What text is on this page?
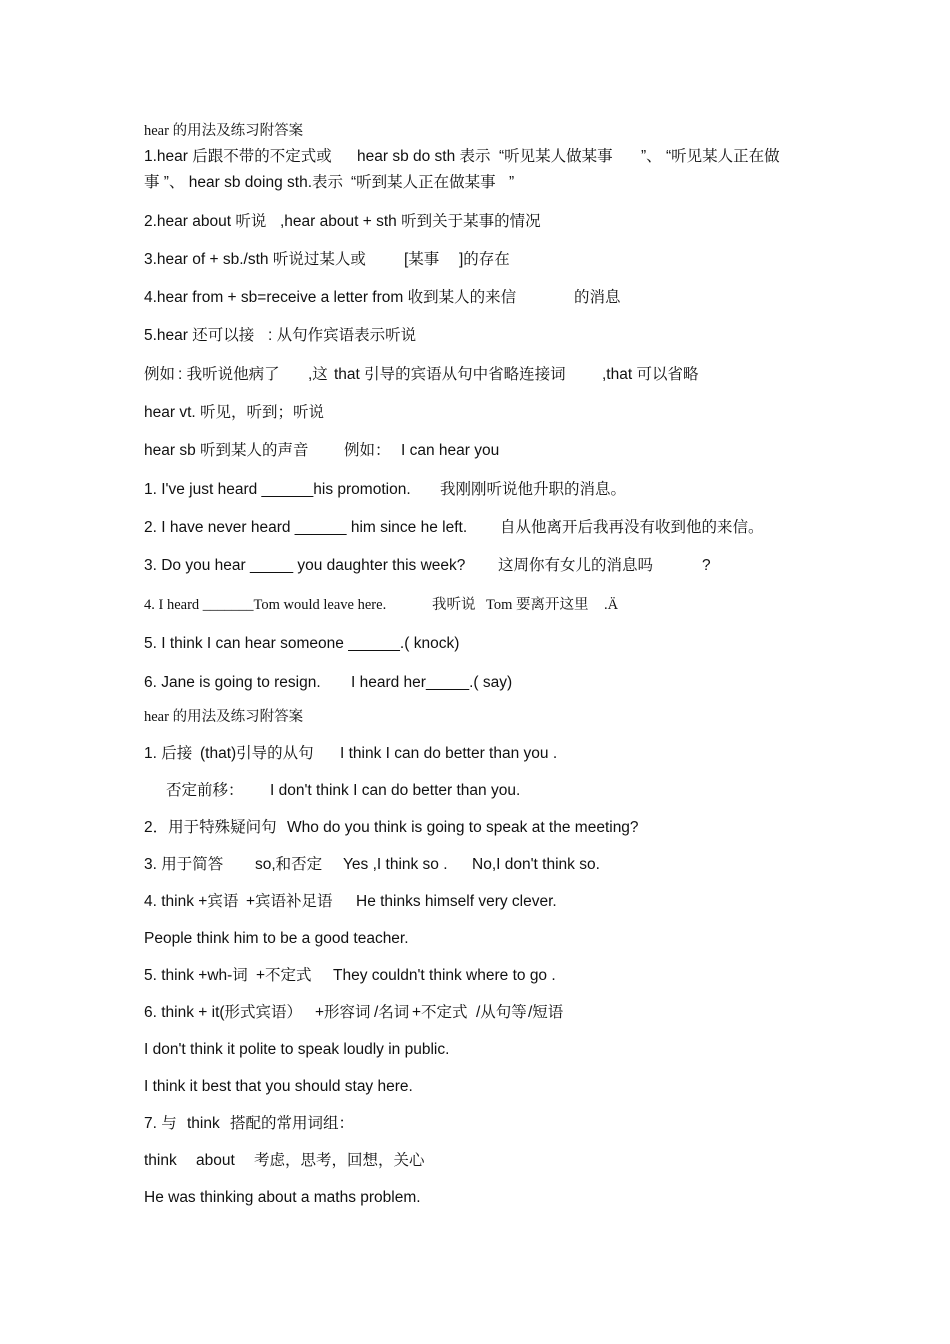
hear 的用法及练习附答案
1.hear 后跟不带的不定式或 hear sb do sth 表示 “听见某人做某事 ”、 “听见某人正在做
事 ”、 hear sb doing sth.表示 “听到某人正在做某事 ”
2.hear about 听说 ,hear about + sth 听到关于某事的情况
3.hear of + sb./sth 听说过某人或 [某事 ]的存在
4.hear from + sb=receive a letter from 收到某人的来信	的消息
5.hear 还可以接 : 从句作宾语表示听说
例如 : 我听说他病了 ,这 that 引导的宾语从句中省略连接词 ,that 可以省略
hear vt. 听见，听到；听说
hear sb 听到某人的声音 例如： I can hear you
1. I've just heard ______his promotion. 我刚刚听说他升职的消息。
2. I have never heard ______ him since he left. 自从他离开后我再没有收到他的来信。
3. Do you hear _____ you daughter this week? 这周你有女儿的消息吗	?
4. I heard _______Tom would leave here.	我听说 Tom 要离开这里 .Ä
5. I think I can hear someone ______.( knock)
6. Jane is going to resign. I heard her_____.( say)
hear 的用法及练习附答案
1. 后接 (that)引导的从句 I think I can do better than you .
否定前移： I don't think I can do better than you.
2．用于特殊疑问句 Who do you think is going to speak at the meeting?
3. 用于简答 so,和否定 Yes ,I think so . No,I don't think so.
4. think +宾语 +宾语补足语 He thinks himself very clever.
People think him to be a good teacher.
5. think +wh-词 +不定式 They couldn't think where to go .
6. think + it(形式宾语） +形容词 /名词 +不定式 /从句等 /短语
I don't think it polite to speak loudly in public.
I think it best that you should stay here.
7. 与 think 搭配的常用词组：
think about 考虑，思考，回想，关心
He was thinking about a maths problem.
